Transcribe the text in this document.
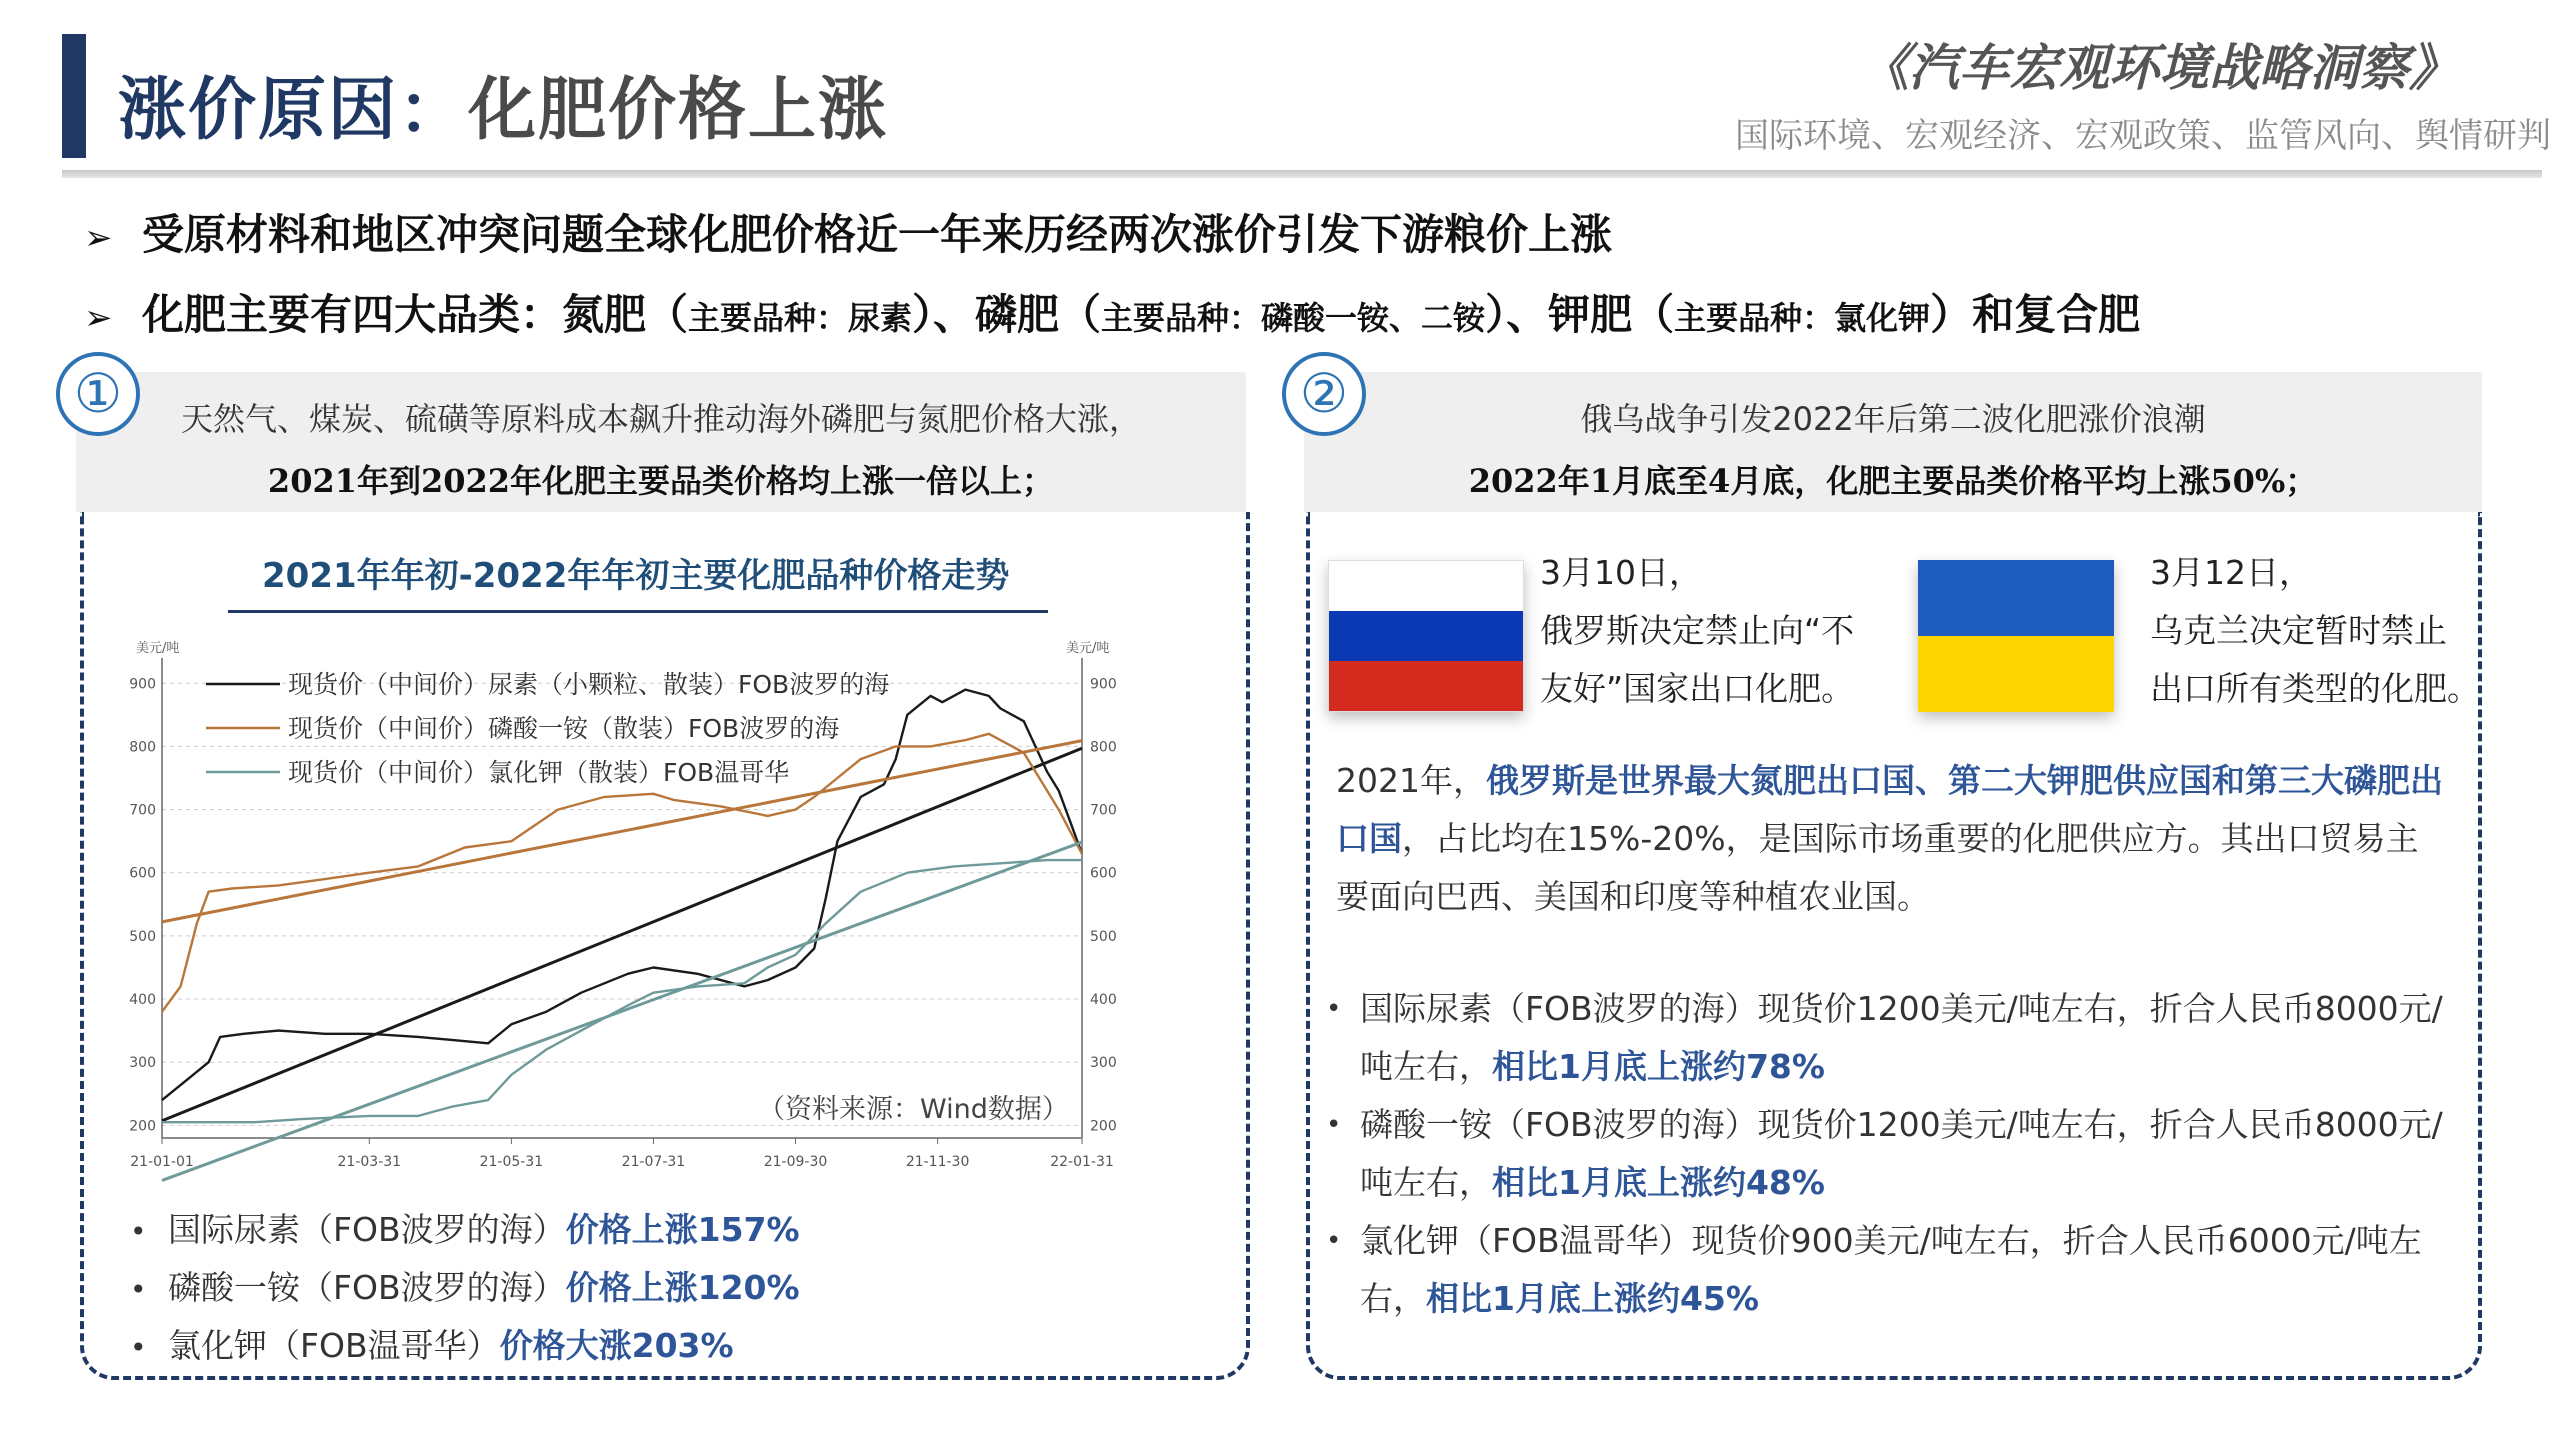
涨价原因：化肥价格上涨
《汽车宏观环境战略洞察》
国际环境、宏观经济、宏观政策、监管风向、舆情研判
➢ 受原材料和地区冲突问题全球化肥价格近一年来历经两次涨价引发下游粮价上涨
➢ 化肥主要有四大品类：氮肥（主要品种：尿素）、磷肥（主要品种：磷酸一铵、二铵）、钾肥（主要品种：氯化钾）和复合肥
天然气、煤炭、硫磺等原料成本飙升推动海外磷肥与氮肥价格大涨，
2021年到2022年化肥主要品类价格均上涨一倍以上；
①
2021年年初-2022年年初主要化肥品种价格走势
美元/吨	美元/吨
200	200
300	300
400	400
500	500
600	600
700	700
800	800
900	900
21-01-01	21-03-31	21-05-31	21-07-31	21-09-30	21-11-30	22-01-31
现货价（中间价）尿素（小颗粒、散装）FOB波罗的海
现货价（中间价）磷酸一铵（散装）FOB波罗的海
现货价（中间价）氯化钾（散装）FOB温哥华
（资料来源：Wind数据）
• 国际尿素（FOB波罗的海）价格上涨157%
• 磷酸一铵（FOB波罗的海）价格上涨120%
• 氯化钾（FOB温哥华）价格大涨203%
俄乌战争引发2022年后第二波化肥涨价浪潮
2022年1月底至4月底，化肥主要品类价格平均上涨50%；
②
3月10日，
俄罗斯决定禁止向“不
友好”国家出口化肥。
3月12日，
乌克兰决定暂时禁止
出口所有类型的化肥。
2021年，俄罗斯是世界最大氮肥出口国、第二大钾肥供应国和第三大磷肥出口国，占比均在15%-20%，是国际市场重要的化肥供应方。其出口贸易主要面向巴西、美国和印度等种植农业国。
• 国际尿素（FOB波罗的海）现货价1200美元/吨左右，折合人民币8000元/吨左右，相比1月底上涨约78%
• 磷酸一铵（FOB波罗的海）现货价1200美元/吨左右，折合人民币8000元/吨左右，相比1月底上涨约48%
• 氯化钾（FOB温哥华）现货价900美元/吨左右，折合人民币6000元/吨左右，相比1月底上涨约45%
